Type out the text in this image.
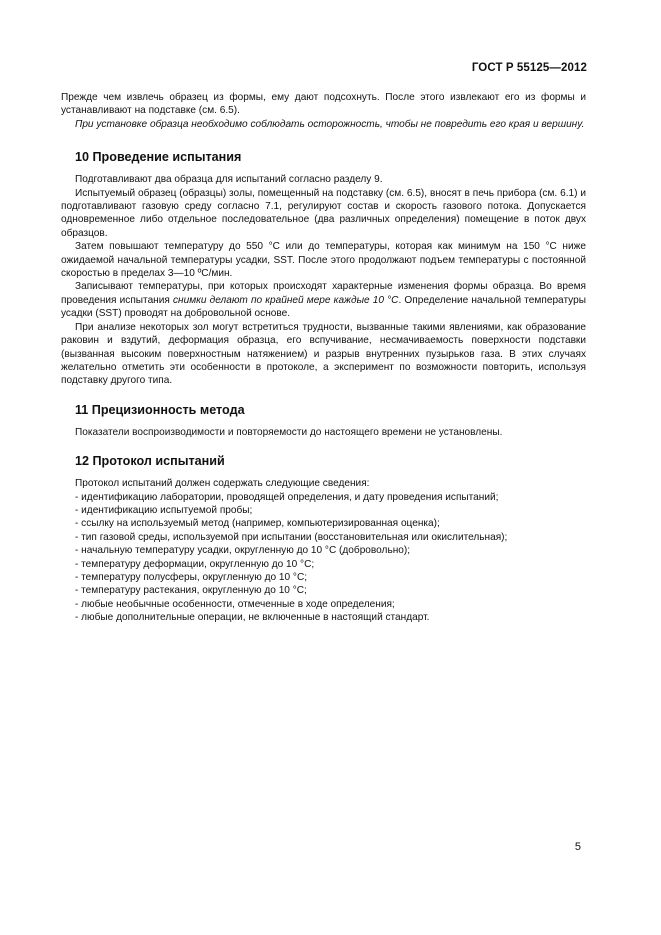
ГОСТ Р 55125—2012

Прежде чем извлечь образец из формы, ему дают подсохнуть. После этого извлекают его из формы и устанавливают на подставке (см. 6.5).

При установке образца необходимо соблюдать осторожность, чтобы не повредить его края и вершину.

10 Проведение испытания

Подготавливают два образца для испытаний согласно разделу 9.

Испытуемый образец (образцы) золы, помещенный на подставку (см. 6.5), вносят в печь прибора (см. 6.1) и подготавливают газовую среду согласно 7.1, регулируют состав и скорость газового потока. Допускается одновременное либо отдельное последовательное (два различных определения) помещение в поток двух образцов.

Затем повышают температуру до 550 °С или до температуры, которая как минимум на 150 °С ниже ожидаемой начальной температуры усадки, SST. После этого продолжают подъем температуры с постоянной скоростью в пределах 3—10 ºС/мин.

Записывают температуры, при которых происходят характерные изменения формы образца. Во время проведения испытания снимки делают по крайней мере каждые 10 °С. Определение начальной температуры усадки (SST) проводят на добровольной основе.

При анализе некоторых зол могут встретиться трудности, вызванные такими явлениями, как образование раковин и вздутий, деформация образца, его вспучивание, несмачиваемость поверхности подставки (вызванная высоким поверхностным натяжением) и разрыв внутренних пузырьков газа. В этих случаях желательно отметить эти особенности в протоколе, а эксперимент по возможности повторить, используя подставку другого типа.

11 Прецизионность метода

Показатели воспроизводимости и повторяемости до настоящего времени не установлены.

12 Протокол испытаний

Протокол испытаний должен содержать следующие сведения:

- идентификацию лаборатории, проводящей определения, и дату проведения испытаний;
- идентификацию испытуемой пробы;
- ссылку на используемый метод (например, компьютеризированная оценка);
- тип газовой среды, используемой при испытании (восстановительная или окислительная);
- начальную температуру усадки, округленную до 10 °С (добровольно);
- температуру деформации, округленную до 10 °С;
- температуру полусферы, округленную до 10 °С;
- температуру растекания, округленную до 10 °С;
- любые необычные особенности, отмеченные в ходе определения;
- любые дополнительные операции, не включенные в настоящий стандарт.
5
